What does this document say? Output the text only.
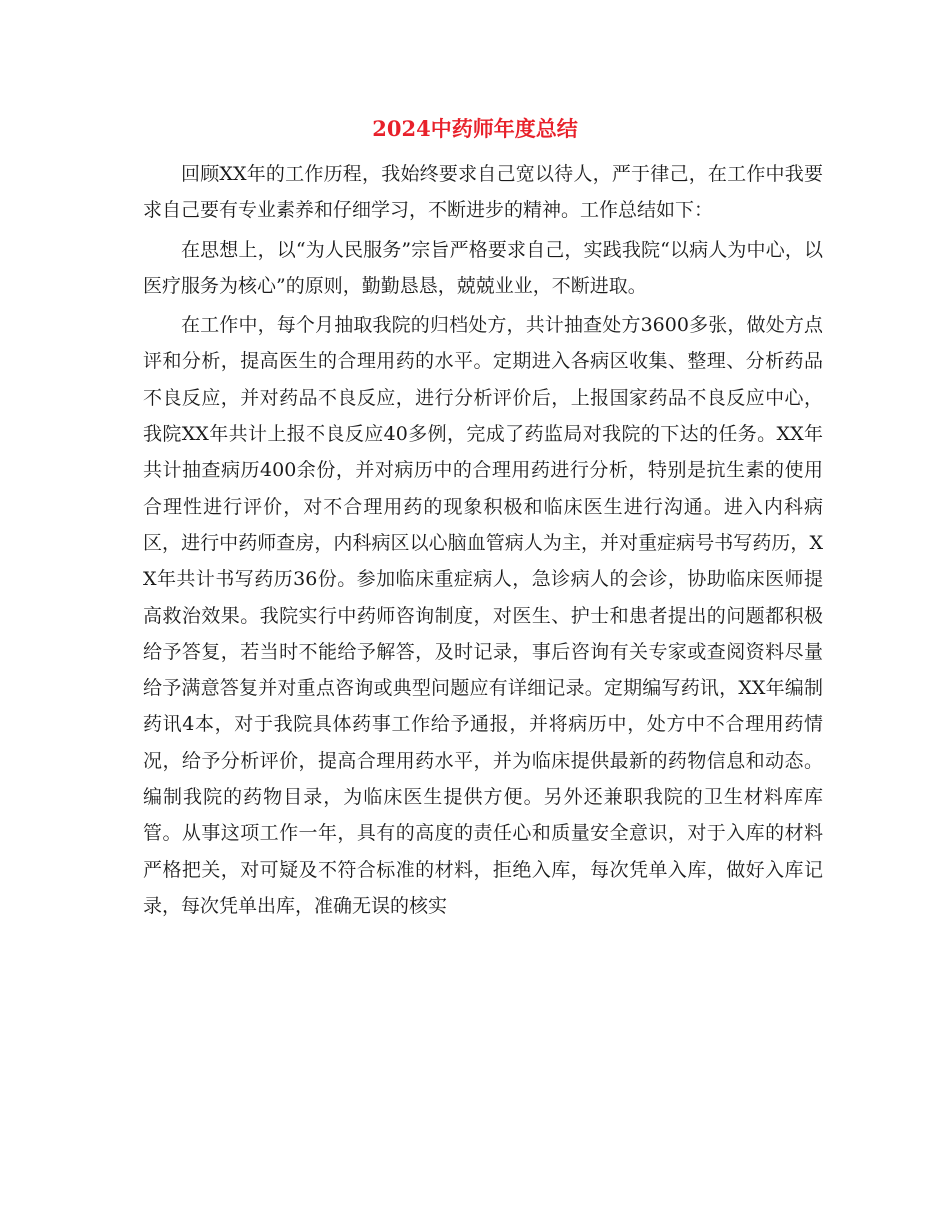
2024中药师年度总结

回顾XX年的工作历程，我始终要求自己宽以待人，严于律己，在工作中我要求自己要有专业素养和仔细学习，不断进步的精神。工作总结如下：

在思想上，以“为人民服务”宗旨严格要求自己，实践我院“以病人为中心，以医疗服务为核心”的原则，勤勤恳恳，兢兢业业，不断进取。

在工作中，每个月抽取我院的归档处方，共计抽查处方3600多张，做处方点评和分析，提高医生的合理用药的水平。定期进入各病区收集、整理、分析药品不良反应，并对药品不良反应，进行分析评价后，上报国家药品不良反应中心，我院XX年共计上报不良反应40多例，完成了药监局对我院的下达的任务。XX年共计抽查病历400余份，并对病历中的合理用药进行分析，特别是抗生素的使用合理性进行评价，对不合理用药的现象积极和临床医生进行沟通。进入内科病区，进行中药师查房，内科病区以心脑血管病人为主，并对重症病号书写药历，XX年共计书写药历36份。参加临床重症病人，急诊病人的会诊，协助临床医师提高救治效果。我院实行中药师咨询制度，对医生、护士和患者提出的问题都积极给予答复，若当时不能给予解答，及时记录，事后咨询有关专家或查阅资料尽量给予满意答复并对重点咨询或典型问题应有详细记录。定期编写药讯，XX年编制药讯4本，对于我院具体药事工作给予通报，并将病历中，处方中不合理用药情况，给予分析评价，提高合理用药水平，并为临床提供最新的药物信息和动态。编制我院的药物目录，为临床医生提供方便。另外还兼职我院的卫生材料库库管。从事这项工作一年，具有的高度的责任心和质量安全意识，对于入库的材料严格把关，对可疑及不符合标准的材料，拒绝入库，每次凭单入库，做好入库记录，每次凭单出库，准确无误的核实
